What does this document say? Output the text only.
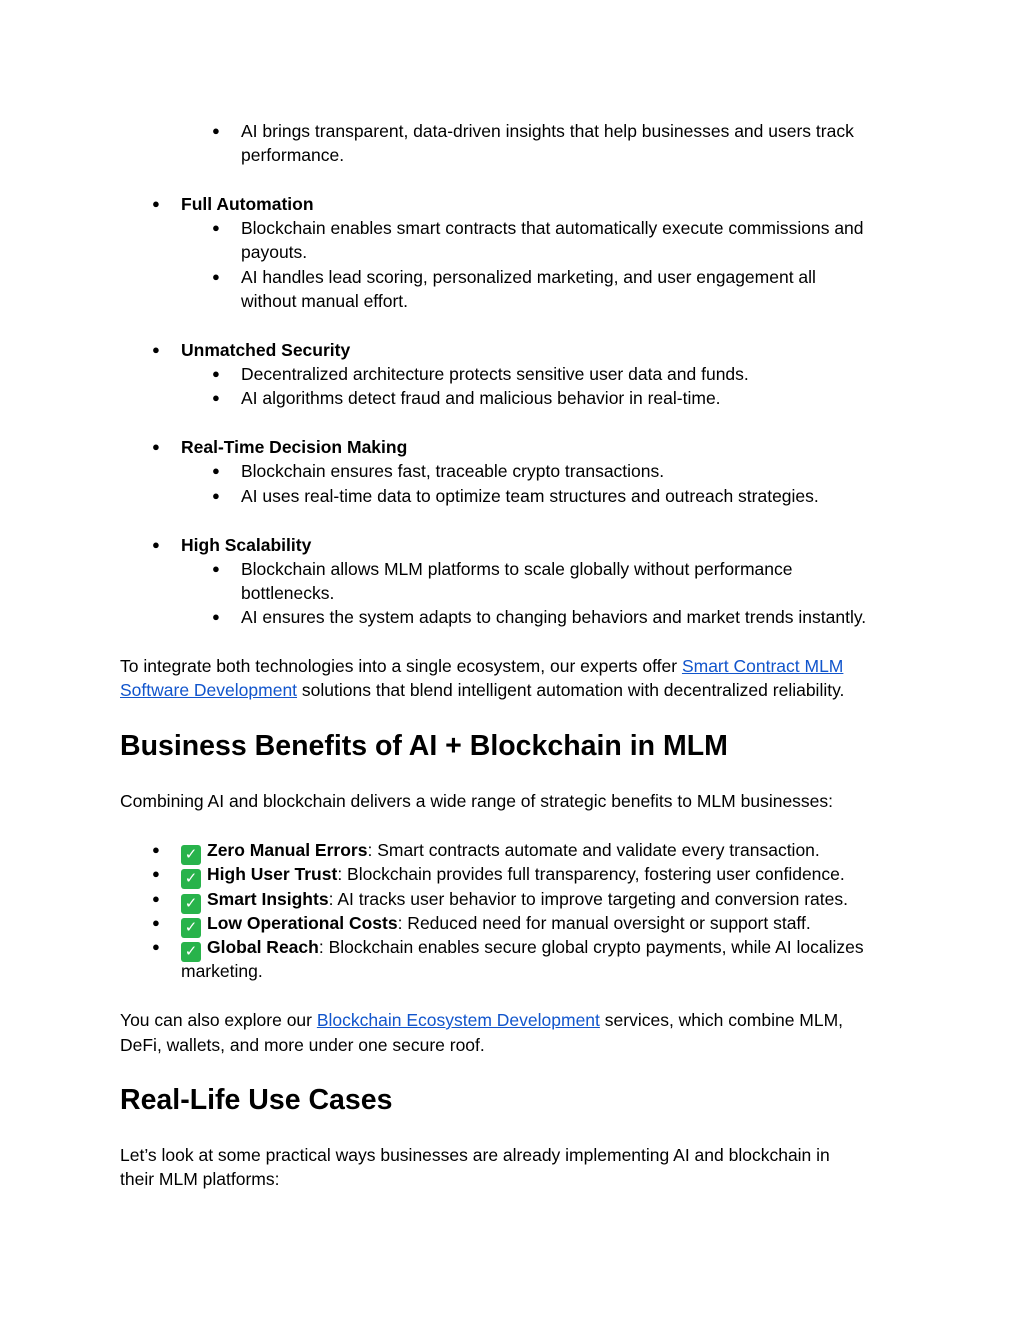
● AI brings transparent, data-driven insights that help businesses and users track
performance.
● Full Automation
● Blockchain enables smart contracts that automatically execute commissions and
payouts.
● AI handles lead scoring, personalized marketing, and user engagement all
without manual effort.
● Unmatched Security
● Decentralized architecture protects sensitive user data and funds.
● AI algorithms detect fraud and malicious behavior in real-time.
● Real-Time Decision Making
● Blockchain ensures fast, traceable crypto transactions.
● AI uses real-time data to optimize team structures and outreach strategies.
● High Scalability
● Blockchain allows MLM platforms to scale globally without performance
bottlenecks.
● AI ensures the system adapts to changing behaviors and market trends instantly.
To integrate both technologies into a single ecosystem, our experts offer Smart Contract MLM
Software Development solutions that blend intelligent automation with decentralized reliability.
Business Benefits of AI + Blockchain in MLM
Combining AI and blockchain delivers a wide range of strategic benefits to MLM businesses:
● ✓ Zero Manual Errors: Smart contracts automate and validate every transaction.
● ✓ High User Trust: Blockchain provides full transparency, fostering user confidence.
● ✓ Smart Insights: AI tracks user behavior to improve targeting and conversion rates.
● ✓ Low Operational Costs: Reduced need for manual oversight or support staff.
● ✓ Global Reach: Blockchain enables secure global crypto payments, while AI localizes
marketing.
You can also explore our Blockchain Ecosystem Development services, which combine MLM,
DeFi, wallets, and more under one secure roof.
Real-Life Use Cases
Let’s look at some practical ways businesses are already implementing AI and blockchain in
their MLM platforms:
